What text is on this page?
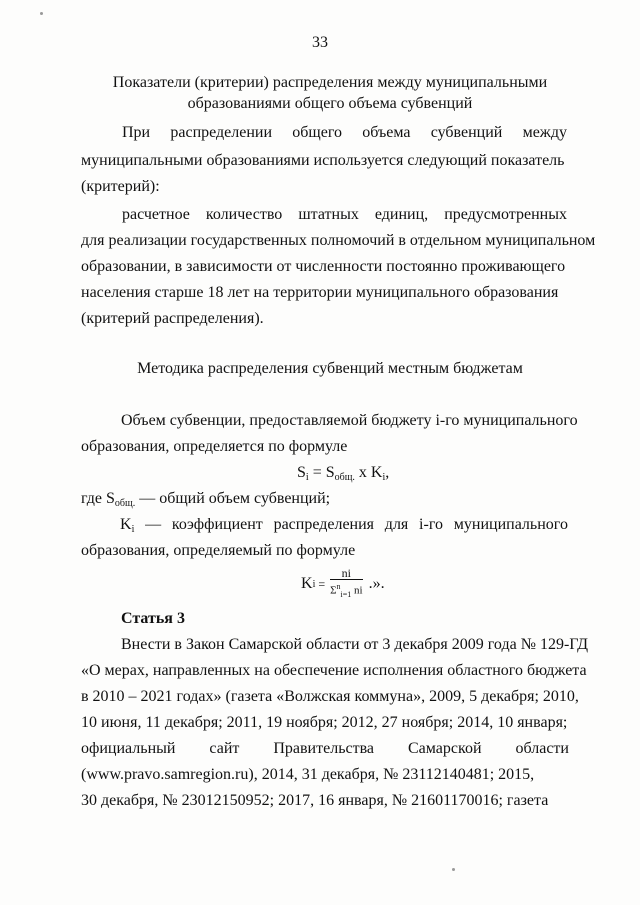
33
Показатели (критерии) распределения между муниципальными
образованиями общего объема субвенций
При распределении общего объема субвенций между
муниципальными образованиями используется следующий показатель
(критерий):
расчетное количество штатных единиц, предусмотренных
для реализации государственных полномочий в отдельном муниципальном
образовании, в зависимости от численности постоянно проживающего
населения старше 18 лет на территории муниципального образования
(критерий распределения).
Методика распределения субвенций местным бюджетам
Объем субвенции, предоставляемой бюджету i-го муниципального
образования, определяется по формуле
$S_i = S_{общ.}$ x $K_i$,
где $S_{общ.}$ — общий объем субвенций;
$K_i$ — коэффициент распределения для i-го муниципального
образования, определяемый по формуле
K $i = \frac{ni}{\Sigma^n_{i=1} ni}$ .».
Статья 3
Внести в Закон Самарской области от 3 декабря 2009 года № 129-ГД
«О мерах, направленных на обеспечение исполнения областного бюджета
в 2010 – 2021 годах» (газета «Волжская коммуна», 2009, 5 декабря; 2010,
10 июня, 11 декабря; 2011, 19 ноября; 2012, 27 ноября; 2014, 10 января;
официальный сайт Правительства Самарской области
(www.pravo.samregion.ru), 2014, 31 декабря, № 23112140481; 2015,
30 декабря, № 23012150952; 2017, 16 января, № 21601170016; газета
